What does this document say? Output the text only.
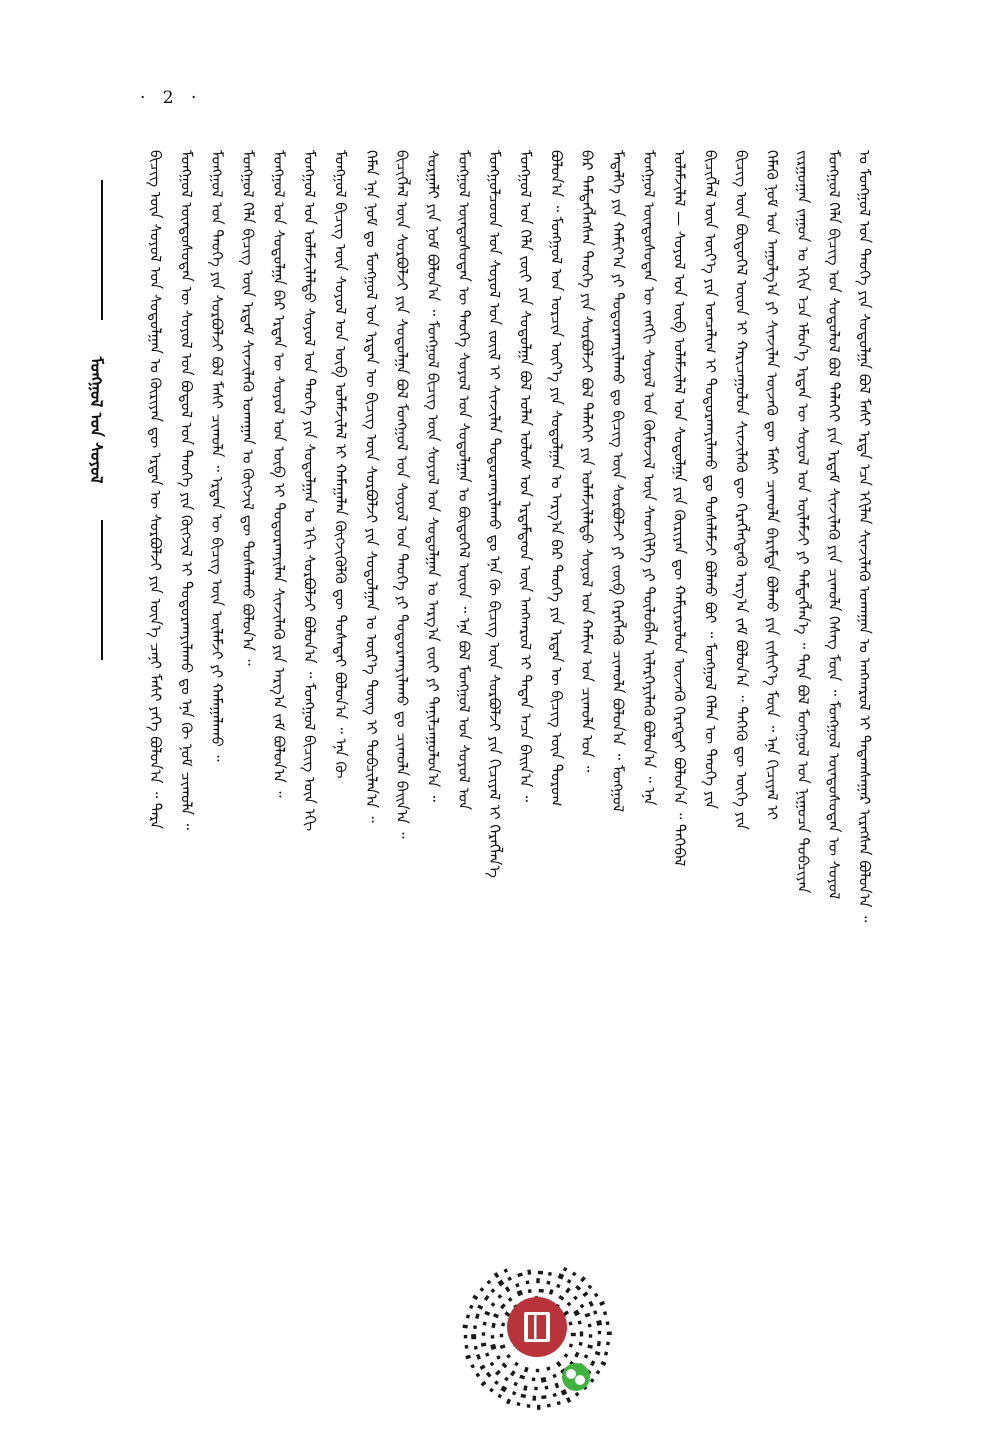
· 2 ·
ᠮᠣᠩᠭᠣᠯ ᠤᠨ ᠰᠣᠶᠣᠯ	ᠣ ᠮᠣᠩᠭᠣᠯ ᠤᠨ ᠲᠡᠦᠬᠡ ᠶᠢᠨ ᠰᠤᠳᠤᠯᠭᠠ ᠪᠣᠯ ᠮᠠᠰᠢ ᠡᠷᠲᠡ ᠡᠴᠡ ᠡᠬᠢᠯᠡᠨ ᠰᠢᠨᠵᠢᠯᠡᠬᠦ ᠤᠬᠠᠭᠠᠨ ᠤ ᠠᠩᠬᠠᠷᠤᠯ ᠢ ᠲᠠᠲᠠᠭᠰᠠᠭᠠᠷ ᠢᠷᠡᠭᠰᠡᠨ ᠪᠣᠯᠣᠨ᠎ᠠ ᠃
ᠮᠣᠩᠭᠣᠯ ᠬᠡᠯᠡ ᠪᠢᠴᠢᠭ ᠤᠨ ᠰᠤᠳᠤᠯᠤᠯ ᠪᠣᠯ ᠳᠡᠯᠡᠬᠡᠢ ᠶᠢᠨ ᠡᠷᠳᠡᠮ ᠰᠢᠨᠵᠢᠯᠡᠬᠦ ᠶᠢᠨ ᠴᠢᠬᠤᠯᠠ ᠬᠡᠰᠡᠭ ᠮᠥᠨ ᠃ ᠮᠣᠩᠭᠣᠯ ᠦᠨᠳᠦᠰᠦᠲᠡᠨ ᠦ ᠰᠣᠶᠣᠯ
ᠵᠢᠷᠭᠤᠭᠠᠨ ᠵᠠᠭᠤᠨ ᠤ ᠡᠬᠢᠨ ᠡᠴᠡ ᠡᠮᠦᠨ᠎ᠡ ᠡᠷᠲᠡᠨ ᠦ ᠰᠣᠶᠣᠯ ᠤᠨ ᠦᠯᠡᠮᠵᠢ ᠶᠢ ᠲᠡᠮᠳᠡᠭᠯᠡᠨ᠎ᠡ ᠃ ᠲᠡᠷᠡ ᠪᠣᠯ ᠮᠣᠩᠭᠣᠯ ᠤᠨ ᠨᠢᠭᠤᠴᠠ ᠲᠣᠪᠴᠢᠶᠠᠨ
ᠬᠡᠮᠡᠬᠦ ᠨᠣᠮ ᠤᠨ ᠠᠭᠤᠯᠭ᠎ᠠ ᠶᠢ ᠰᠢᠨᠵᠢᠯᠡᠨ ᠦᠵᠡᠬᠦ ᠳᠦ ᠮᠠᠰᠢ ᠴᠢᠬᠤᠯᠠ ᠪᠠᠷᠢᠮᠲᠠ ᠪᠣᠯᠬᠤ ᠶᠢᠨ ᠵᠢᠱᠢᠶ᠎ᠡ ᠮᠥᠨ ᠃ ᠡᠨᠡ ᠬᠢᠴᠢᠶᠡᠯ ᠢ
ᠪᠢᠴᠢᠭ ᠦᠨ ᠪᠦᠲᠦᠭᠡᠯ ᠦᠳ ᠢ ᠬᠠᠷᠢᠴᠠᠭᠤᠯᠤᠨ ᠰᠢᠨᠵᠢᠯᠡᠬᠦ ᠳᠦ ᠬᠡᠷᠡᠭᠯᠡᠭᠳᠡᠬᠦ ᠠᠷᠭ᠎ᠠ ᠵᠠᠮ ᠪᠣᠯᠤᠨ᠎ᠠ ᠃ ᠲᠡᠭᠡᠬᠦ ᠳᠦ ᠦᠭᠡ ᠶᠢᠨ
ᠪᠢᠴᠢᠭᠯᠡᠯ ᠦᠨ ᠦᠶ᠎ᠡ ᠶᠢᠨ ᠣᠨᠴᠠᠯᠢᠭ ᠢ ᠲᠣᠳᠤᠷᠬᠠᠶᠢᠯᠠᠬᠤ ᠳᠤ ᠲᠤᠰᠠᠯᠠᠮᠵᠢ ᠪᠣᠯᠬᠤ ᠪᠤᠢ ᠃ ᠮᠣᠩᠭᠣᠯ ᠬᠡᠯᠡᠨ ᠦ ᠲᠡᠦᠬᠡ ᠶᠢᠨ
ᠤᠯᠠᠮᠵᠢᠯᠠᠯ — ᠰᠣᠶᠣᠯ ᠤᠨ ᠦᠪ ᠤᠯᠠᠮᠵᠢᠯᠠᠯ ᠤᠨ ᠰᠤᠳᠤᠯᠭᠠ ᠶᠢᠨ ᠬᠦᠷᠢᠶᠡᠨ ᠳᠦ ᠬᠠᠮᠢᠶᠠᠷᠤᠯᠤᠨ ᠦᠵᠡᠬᠦ ᠬᠡᠷᠡᠭᠲᠡᠢ ᠪᠣᠯᠤᠨ᠎ᠠ ᠃ ᠲᠡᠭᠡᠪᠡᠯ
ᠮᠣᠩᠭᠣᠯ ᠦᠨᠳᠦᠰᠦᠲᠡᠨ ᠦ ᠵᠠᠩᠬᠢ ᠰᠣᠶᠣᠯ ᠤᠨ ᠬᠦᠮᠦᠵᠢᠯ ᠦᠨ ᠰᠡᠳᠬᠢᠯᠭᠡ ᠶᠢ ᠲᠥᠯᠦᠪᠯᠡᠨ ᠢᠯᠡᠷᠬᠡᠶᠢᠯᠡᠬᠦ ᠪᠣᠯᠤᠨ᠎ᠠ ᠃ ᠡᠨᠡ
ᠮᠡᠳᠡᠯᠭᠡ ᠶᠢᠨ ᠬᠠᠮᠢᠶ᠎ᠠ ᠶᠢ ᠲᠣᠳᠤᠷᠬᠠᠶᠢᠯᠠᠬᠤ ᠳᠤ ᠪᠢᠴᠢᠭ ᠦᠨ ᠰᠤᠷᠪᠤᠯᠵᠢ ᠶᠢ ᠵᠥᠪ ᠬᠡᠷᠡᠭᠯᠡᠬᠦ ᠴᠢᠬᠤᠯᠠ ᠪᠣᠯᠤᠨ᠎ᠠ ᠃ ᠮᠣᠩᠭᠣᠯ
ᠪᠠᠷ ᠲᠡᠮᠳᠡᠭᠯᠡᠭᠰᠡᠨ ᠲᠡᠦᠬᠡ ᠶᠢᠨ ᠰᠤᠷᠪᠤᠯᠵᠢ ᠪᠣᠯ ᠳᠡᠯᠡᠬᠡᠢ ᠶᠢᠨ ᠤᠯᠠᠮᠵᠢᠯᠠᠯᠲᠤ ᠰᠣᠶᠣᠯ ᠤᠨ ᠬᠠᠮᠢᠭ ᠤᠨ ᠴᠢᠬᠤᠯᠠ ᠡᠳ ᠃
ᠪᠣᠯᠤᠨ᠎ᠠ ᠃ ᠮᠣᠩᠭᠣᠯ ᠤᠨ ᠣᠷᠴᠢᠨ ᠦᠶ᠎ᠡ ᠶᠢᠨ ᠰᠤᠳᠤᠯᠭᠠᠨ ᠤ ᠠᠷᠭ᠎ᠠ ᠪᠠᠷ ᠲᠡᠦᠬᠡ ᠶᠢᠨ ᠡᠷᠲᠡᠨ ᠦ ᠪᠢᠴᠢᠭ ᠦᠨ ᠳᠣᠷᠤᠭ
ᠮᠣᠩᠭᠣᠯ ᠤᠨ ᠬᠡᠯᠡ ᠵᠦᠢ ᠶᠢᠨ ᠰᠤᠳᠤᠯᠭᠠ ᠪᠣᠯ ᠣᠯᠠᠨ ᠤᠯᠤᠰ ᠤᠨ ᠡᠷᠳᠡᠮᠲᠡᠳ ᠦᠨ ᠠᠩᠬᠠᠷᠤᠯ ᠢ ᠲᠠᠲᠠᠨ ᠠᠴᠠ ᠪᠠᠢᠨ᠎ᠠ ᠃
ᠮᠣᠩᠭᠣᠯᠴᠤᠳ ᠤᠨ ᠰᠣᠶᠣᠯ ᠤᠨ ᠵᠦᠢᠯ ᠢ ᠰᠢᠨᠵᠢᠯᠡᠨ ᠲᠣᠳᠤᠷᠬᠠᠶᠢᠯᠠᠬᠤ ᠳᠤ ᠡᠨᠡ ᠬᠦ ᠪᠢᠴᠢᠭ ᠦᠨ ᠰᠤᠷᠪᠤᠯᠵᠢ ᠶᠢᠨ ᠬᠢᠴᠢᠶᠡᠯ ᠢ ᠬᠡᠷᠡᠭᠯᠡᠨ᠎ᠡ
ᠮᠣᠩᠭᠣᠯ ᠦᠨᠳᠦᠰᠦᠲᠡᠨ ᠦ ᠲᠡᠦᠬᠡ ᠰᠣᠶᠣᠯ ᠤᠨ ᠰᠤᠳᠤᠯᠭᠠᠨ ᠤ ᠪᠦᠲᠦᠭᠡᠯ ᠦᠳ ᠃ ᠡᠨᠡ ᠪᠣᠯ ᠮᠣᠩᠭᠣᠯ ᠤᠨ ᠰᠣᠶᠣᠯ ᠤᠨ
ᠰᠤᠷᠭᠠᠯᠢ ᠶᠢᠨ ᠨᠣᠮ ᠪᠣᠯᠤᠨ᠎ᠠ ᠃ ᠮᠣᠩᠭᠣᠯ ᠪᠢᠴᠢᠭ ᠦᠨ ᠰᠣᠶᠣᠯ ᠤᠨ ᠰᠤᠳᠤᠯᠭᠠᠨ ᠤ ᠠᠷᠭ᠎ᠠ ᠵᠦᠢ ᠶᠢ ᠲᠠᠨᠢᠯᠴᠠᠭᠤᠯᠤᠨ᠎ᠠ ᠃
ᠪᠢᠴᠢᠭᠯᠡᠯ ᠦᠨ ᠰᠤᠷᠪᠤᠯᠵᠢ ᠶᠢᠨ ᠰᠤᠳᠤᠯᠭᠠ ᠪᠣᠯ ᠮᠣᠩᠭᠣᠯ ᠤᠨ ᠰᠣᠶᠣᠯ ᠤᠨ ᠲᠡᠦᠬᠡ ᠶᠢ ᠲᠣᠳᠤᠷᠬᠠᠶᠢᠯᠠᠬᠤ ᠳᠤ ᠴᠢᠬᠤᠯᠠ ᠪᠠᠢᠨ᠎ᠠ ᠃
ᠬᠡᠮᠡᠨ ᠡᠨᠡ ᠨᠣᠮ ᠳᠤ ᠮᠣᠩᠭᠣᠯ ᠤᠨ ᠡᠷᠲᠡᠨ ᠦ ᠪᠢᠴᠢᠭ ᠦᠨ ᠰᠤᠷᠪᠤᠯᠵᠢ ᠶᠢᠨ ᠰᠤᠳᠤᠯᠭᠠᠨ ᠤ ᠦᠷ᠎ᠡ ᠳᠦᠩ ᠢ ᠲᠣᠪᠴᠢᠯᠠᠨ᠎ᠠ ᠃
ᠮᠣᠩᠭᠣᠯ ᠪᠢᠴᠢᠭ ᠦᠨ ᠰᠣᠶᠣᠯ ᠤᠨ ᠦᠪ ᠤᠯᠠᠮᠵᠢᠯᠠᠯ ᠢ ᠬᠠᠮᠠᠭᠠᠯᠠᠨ ᠬᠥᠭᠵᠢᠭᠦᠯᠬᠦ ᠳᠦ ᠲᠤᠰᠠᠲᠠᠢ ᠪᠣᠯᠤᠨ᠎ᠠ ᠃ ᠡᠨᠡ ᠬᠦ
ᠮᠣᠩᠭᠣᠯ ᠤᠨ ᠤᠯᠠᠮᠵᠢᠯᠠᠯᠲᠤ ᠰᠣᠶᠣᠯ ᠤᠨ ᠲᠡᠦᠬᠡ ᠶᠢᠨ ᠰᠤᠳᠤᠯᠭᠠᠨ ᠤ ᠡᠬᠢ ᠰᠤᠷᠪᠤᠯᠵᠢ ᠪᠣᠯᠤᠨ᠎ᠠ ᠃ ᠮᠣᠩᠭᠣᠯ ᠪᠢᠴᠢᠭ ᠦᠨ ᠡᠬᠢ
ᠮᠣᠩᠭᠣᠯ ᠤᠨ ᠰᠤᠳᠤᠯᠭᠠ ᠪᠠᠷ ᠡᠷᠲᠡᠨ ᠦ ᠰᠣᠶᠣᠯ ᠤᠨ ᠦᠪ ᠢ ᠲᠣᠳᠤᠷᠬᠠᠶᠢᠯᠠᠨ ᠰᠢᠨᠵᠢᠯᠡᠬᠦ ᠶᠢᠨ ᠠᠷᠭ᠎ᠠ ᠵᠠᠮ ᠪᠣᠯᠤᠨ᠎ᠠ ᠃
ᠮᠣᠩᠭᠣᠯ ᠬᠡᠯᠡ ᠪᠢᠴᠢᠭ ᠦᠨ ᠡᠷᠳᠡᠮ ᠰᠢᠨᠵᠢᠯᠡᠬᠦ ᠤᠬᠠᠭᠠᠨ ᠤ ᠬᠥᠭᠵᠢᠯ ᠳᠦ ᠲᠤᠰᠠᠯᠠᠬᠤ ᠪᠣᠯᠤᠨ᠎ᠠ ᠃
ᠮᠣᠩᠭᠣᠯ ᠤᠨ ᠲᠡᠦᠬᠡ ᠶᠢᠨ ᠰᠤᠷᠪᠤᠯᠵᠢ ᠪᠣᠯ ᠮᠠᠰᠢ ᠴᠢᠬᠤᠯᠠ ᠃ ᠡᠷᠲᠡᠨ ᠦ ᠪᠢᠴᠢᠭ ᠦᠨ ᠦᠯᠡᠮᠵᠢ ᠶᠢ ᠬᠠᠮᠠᠭᠠᠯᠠᠬᠤ ᠃
ᠮᠣᠩᠭᠣᠯ ᠦᠨᠳᠦᠰᠦᠲᠡᠨ ᠦ ᠰᠣᠶᠣᠯ ᠤᠨ ᠪᠣᠳᠣᠯ ᠤᠨ ᠲᠡᠦᠬᠡ ᠶᠢᠨ ᠬᠥᠭᠵᠢᠯ ᠢ ᠲᠣᠳᠤᠷᠬᠠᠶᠢᠯᠠᠬᠤ ᠳᠤ ᠡᠨᠡ ᠬᠦ ᠨᠣᠮ ᠴᠢᠬᠤᠯᠠ ᠃
ᠪᠢᠴᠢᠭ ᠦᠨ ᠰᠣᠶᠣᠯ ᠤᠨ ᠰᠤᠳᠤᠯᠭᠠᠨ ᠤ ᠬᠦᠷᠢᠶᠡᠨ ᠳᠦ ᠡᠷᠲᠡᠨ ᠦ ᠰᠤᠷᠪᠤᠯᠵᠢ ᠶᠢᠨ ᠦᠨ᠎ᠡ ᠴᠡᠨᠢ ᠮᠠᠰᠢ ᠶᠡᠬᠡ ᠪᠣᠯᠤᠨ᠎ᠠ ᠃ ᠲᠡᠷᠡ
